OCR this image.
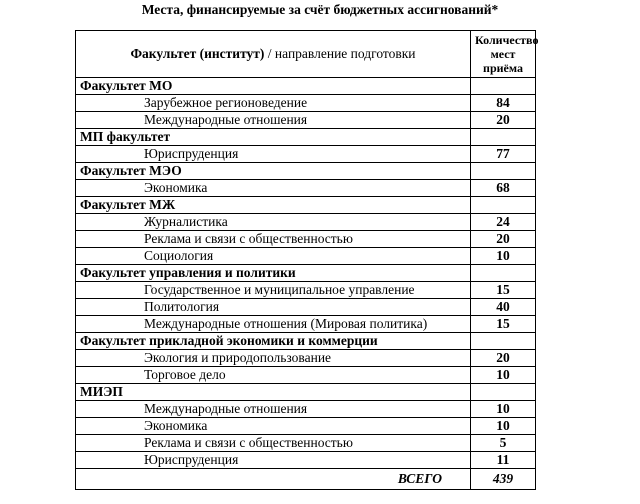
Места, финансируемые за счёт бюджетных ассигнований*
Факультет (институт) / направление подготовки	Количество
мест
приёма

Факультет МО	
Зарубежное регионоведение	84
Международные отношения	20
МП факультет	
Юриспруденция	77
Факультет МЭО	
Экономика	68
Факультет МЖ	
Журналистика	24
Реклама и связи с общественностью	20
Социология	10
Факультет управления и политики	
Государственное и муниципальное управление	15
Политология	40
Международные отношения (Мировая политика)	15
Факультет прикладной экономики и коммерции	
Экология и природопользование	20
Торговое дело	10
МИЭП	
Международные отношения	10
Экономика	10
Реклама и связи с общественностью	5
Юриспруденция	11
ВСЕГО	439
